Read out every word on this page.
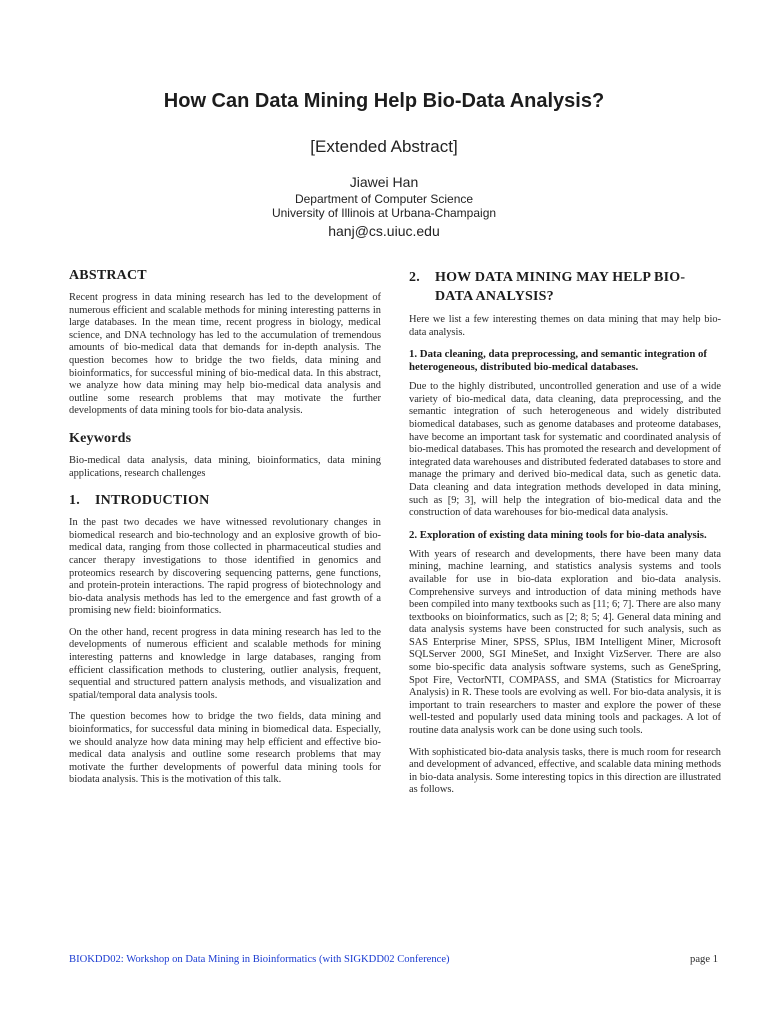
How Can Data Mining Help Bio-Data Analysis?
[Extended Abstract]
Jiawei Han
Department of Computer Science
University of Illinois at Urbana-Champaign
hanj@cs.uiuc.edu
ABSTRACT

Recent progress in data mining research has led to the development of numerous efficient and scalable methods for mining interesting patterns in large databases. In the mean time, recent progress in biology, medical science, and DNA technology has led to the accumulation of tremendous amounts of bio-medical data that demands for in-depth analysis. The question becomes how to bridge the two fields, data mining and bioinformatics, for successful mining of bio-medical data. In this abstract, we analyze how data mining may help bio-medical data analysis and outline some research problems that may motivate the further developments of data mining tools for bio-data analysis.

Keywords

Bio-medical data analysis, data mining, bioinformatics, data mining applications, research challenges

1.	INTRODUCTION

In the past two decades we have witnessed revolutionary changes in biomedical research and bio-technology and an explosive growth of bio-medical data, ranging from those collected in pharmaceutical studies and cancer therapy investigations to those identified in genomics and proteomics research by discovering sequencing patterns, gene functions, and protein-protein interactions. The rapid progress of biotechnology and bio-data analysis methods has led to the emergence and fast growth of a promising new field: bioinformatics.

On the other hand, recent progress in data mining research has led to the developments of numerous efficient and scalable methods for mining interesting patterns and knowledge in large databases, ranging from efficient classification methods to clustering, outlier analysis, frequent, sequential and structured pattern analysis methods, and visualization and spatial/temporal data analysis tools.

The question becomes how to bridge the two fields, data mining and bioinformatics, for successful data mining in biomedical data. Especially, we should analyze how data mining may help efficient and effective bio-medical data analysis and outline some research problems that may motivate the further developments of powerful data mining tools for biodata analysis. This is the motivation of this talk.

2.	HOW DATA MINING MAY HELP BIO-DATA ANALYSIS?

Here we list a few interesting themes on data mining that may help bio-data analysis.

1. Data cleaning, data preprocessing, and semantic integration of heterogeneous, distributed bio-medical databases.

Due to the highly distributed, uncontrolled generation and use of a wide variety of bio-medical data, data cleaning, data preprocessing, and the semantic integration of such heterogeneous and widely distributed biomedical databases, such as genome databases and proteome databases, have become an important task for systematic and coordinated analysis of bio-medical databases. This has promoted the research and development of integrated data warehouses and distributed federated databases to store and manage the primary and derived bio-medical data, such as genetic data. Data cleaning and data integration methods developed in data mining, such as [9; 3], will help the integration of bio-medical data and the construction of data warehouses for bio-medical data analysis.

2. Exploration of existing data mining tools for bio-data analysis.

With years of research and developments, there have been many data mining, machine learning, and statistics analysis systems and tools available for use in bio-data exploration and bio-data analysis. Comprehensive surveys and introduction of data mining methods have been compiled into many textbooks such as [11; 6; 7]. There are also many textbooks on bioinformatics, such as [2; 8; 5; 4]. General data mining and data analysis systems have been constructed for such analysis, such as SAS Enterprise Miner, SPSS, SPlus, IBM Intelligent Miner, Microsoft SQLServer 2000, SGI MineSet, and Inxight VizServer. There are also some bio-specific data analysis software systems, such as GeneSpring, Spot Fire, VectorNTI, COMPASS, and SMA (Statistics for Microarray Analysis) in R. These tools are evolving as well. For bio-data analysis, it is important to train researchers to master and explore the power of these well-tested and popularly used data mining tools and packages. A lot of routine data analysis work can be done using such tools.

With sophisticated bio-data analysis tasks, there is much room for research and development of advanced, effective, and scalable data mining methods in bio-data analysis. Some interesting topics in this direction are illustrated as follows.

BIOKDD02: Workshop on Data Mining in Bioinformatics (with SIGKDD02 Conference)	page 1
